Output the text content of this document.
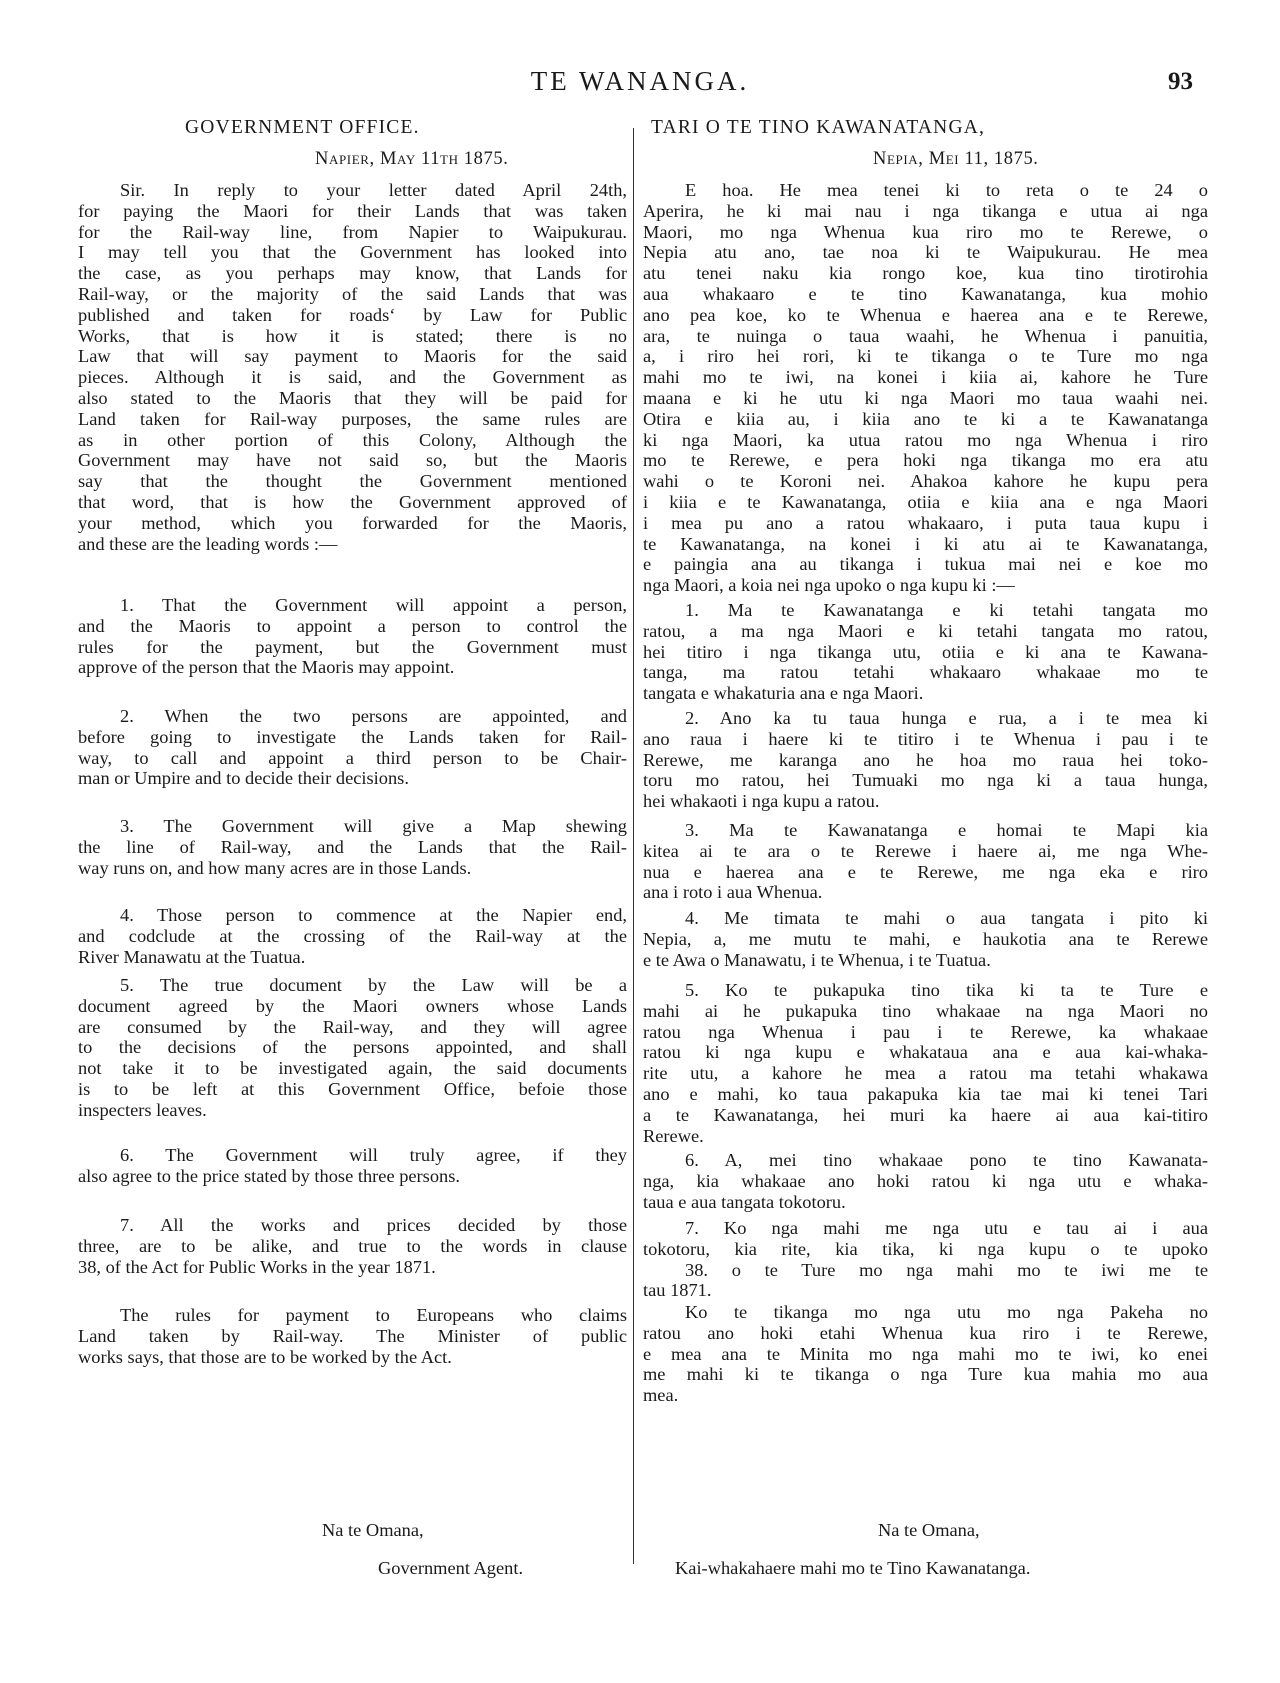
TE WANANGA.	93
GOVERNMENT OFFICE.
Napier, May 11th 1875.
Na te Omana,
Government Agent.
Sir. In reply to your letter dated April 24th,
for paying the Maori for their Lands that was taken
for the Rail-way line, from Napier to Waipukurau.
I may tell you that the Government has looked into
the case, as you perhaps may know, that Lands for
Rail-way, or the majority of the said Lands that was
published and taken for roads‘ by Law for Public
Works, that is how it is stated; there is no
Law that will say payment to Maoris for the said
pieces. Although it is said, and the Government as
also stated to the Maoris that they will be paid for
Land taken for Rail-way purposes, the same rules are
as in other portion of this Colony, Although the
Government may have not said so, but the Maoris
say that the thought the Government mentioned
that word, that is how the Government approved of
your method, which you forwarded for the Maoris,
and these are the leading words :—
1. That the Government will appoint a person,
and the Maoris to appoint a person to control the
rules for the payment, but the Government must
approve of the person that the Maoris may appoint.
2. When the two persons are appointed, and
before going to investigate the Lands taken for Rail-
way, to call and appoint a third person to be Chair-
man or Umpire and to decide their decisions.
3. The Government will give a Map shewing
the line of Rail-way, and the Lands that the Rail-
way runs on, and how many acres are in those Lands.
4. Those person to commence at the Napier end,
and codclude at the crossing of the Rail-way at the
River Manawatu at the Tuatua.
5. The true document by the Law will be a
document agreed by the Maori owners whose Lands
are consumed by the Rail-way, and they will agree
to the decisions of the persons appointed, and shall
not take it to be investigated again, the said documents
is to be left at this Government Office, befoie those
inspecters leaves.
6. The Government will truly agree, if they
also agree to the price stated by those three persons.
7. All the works and prices decided by those
three, are to be alike, and true to the words in clause
38, of the Act for Public Works in the year 1871.
The rules for payment to Europeans who claims
Land taken by Rail-way. The Minister of public
works says, that those are to be worked by the Act.
TARI O TE TINO KAWANATANGA,
Nepia, Mei 11, 1875.
Na te Omana,
Kai-whakahaere mahi mo te Tino Kawanatanga.
E hoa. He mea tenei ki to reta o te 24 o
Aperira, he ki mai nau i nga tikanga e utua ai nga
Maori, mo nga Whenua kua riro mo te Rerewe, o
Nepia atu ano, tae noa ki te Waipukurau. He mea
atu tenei naku kia rongo koe, kua tino tirotirohia
aua whakaaro e te tino Kawanatanga, kua mohio
ano pea koe, ko te Whenua e haerea ana e te Rerewe,
ara, te nuinga o taua waahi, he Whenua i panuitia,
a, i riro hei rori, ki te tikanga o te Ture mo nga
mahi mo te iwi, na konei i kiia ai, kahore he Ture
maana e ki he utu ki nga Maori mo taua waahi nei.
Otira e kiia au, i kiia ano te ki a te Kawanatanga
ki nga Maori, ka utua ratou mo nga Whenua i riro
mo te Rerewe, e pera hoki nga tikanga mo era atu
wahi o te Koroni nei. Ahakoa kahore he kupu pera
i kiia e te Kawanatanga, otiia e kiia ana e nga Maori
i mea pu ano a ratou whakaaro, i puta taua kupu i
te Kawanatanga, na konei i ki atu ai te Kawanatanga,
e paingia ana au tikanga i tukua mai nei e koe mo
nga Maori, a koia nei nga upoko o nga kupu ki :—
1. Ma te Kawanatanga e ki tetahi tangata mo
ratou, a ma nga Maori e ki tetahi tangata mo ratou,
hei titiro i nga tikanga utu, otiia e ki ana te Kawana-
tanga, ma ratou tetahi whakaaro whakaae mo te
tangata e whakaturia ana e nga Maori.
2. Ano ka tu taua hunga e rua, a i te mea ki
ano raua i haere ki te titiro i te Whenua i pau i te
Rerewe, me karanga ano he hoa mo raua hei toko-
toru mo ratou, hei Tumuaki mo nga ki a taua hunga,
hei whakaoti i nga kupu a ratou.
3. Ma te Kawanatanga e homai te Mapi kia
kitea ai te ara o te Rerewe i haere ai, me nga Whe-
nua e haerea ana e te Rerewe, me nga eka e riro
ana i roto i aua Whenua.
4. Me timata te mahi o aua tangata i pito ki
Nepia, a, me mutu te mahi, e haukotia ana te Rerewe
e te Awa o Manawatu, i te Whenua, i te Tuatua.
5. Ko te pukapuka tino tika ki ta te Ture e
mahi ai he pukapuka tino whakaae na nga Maori no
ratou nga Whenua i pau i te Rerewe, ka whakaae
ratou ki nga kupu e whakataua ana e aua kai-whaka-
rite utu, a kahore he mea a ratou ma tetahi whakawa
ano e mahi, ko taua pakapuka kia tae mai ki tenei Tari
a te Kawanatanga, hei muri ka haere ai aua kai-titiro
Rerewe.
6. A, mei tino whakaae pono te tino Kawanata-
nga, kia whakaae ano hoki ratou ki nga utu e whaka-
taua e aua tangata tokotoru.
7. Ko nga mahi me nga utu e tau ai i aua
tokotoru, kia rite, kia tika, ki nga kupu o te upoko
38. o te Ture mo nga mahi mo te iwi me te
tau 1871.
Ko te tikanga mo nga utu mo nga Pakeha no
ratou ano hoki etahi Whenua kua riro i te Rerewe,
e mea ana te Minita mo nga mahi mo te iwi, ko enei
me mahi ki te tikanga o nga Ture kua mahia mo aua
mea.
